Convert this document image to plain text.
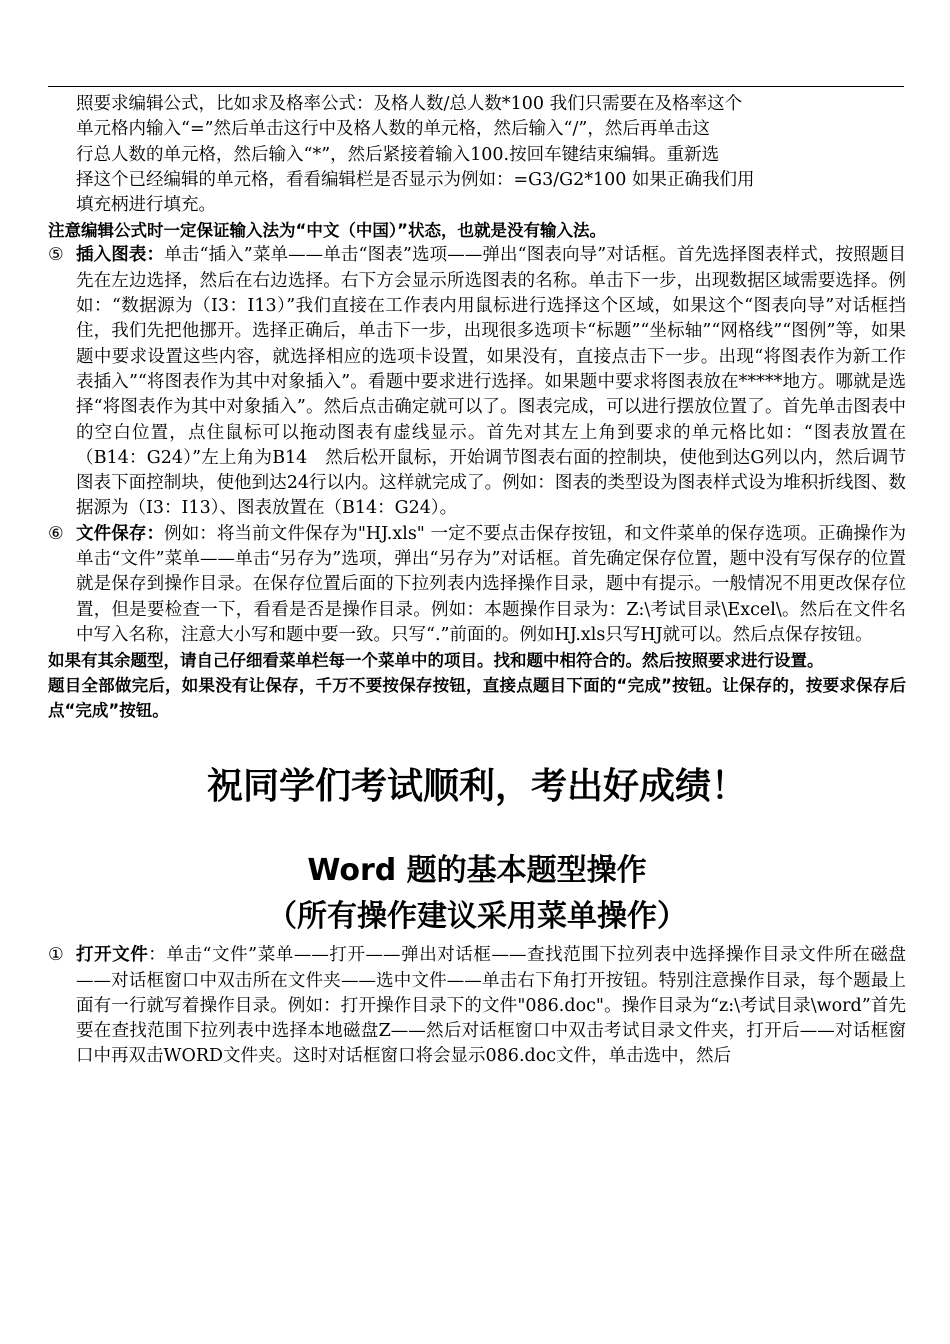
照要求编辑公式，比如求及格率公式：及格人数/总人数*100 我们只需要在及格率这个
单元格内输入“=”然后单击这行中及格人数的单元格，然后输入“/”，然后再单击这
行总人数的单元格，然后输入“*”，然后紧接着输入100.按回车键结束编辑。重新选
择这个已经编辑的单元格，看看编辑栏是否显示为例如：=G3/G2*100 如果正确我们用
填充柄进行填充。
注意编辑公式时一定保证输入法为“中文（中国）”状态，也就是没有输入法。
⑤ 插入图表：单击“插入”菜单——单击“图表”选项——弹出“图表向导”对话框。首先选择图表样式，按照题目先在左边选择，然后在右边选择。右下方会显示所选图表的名称。单击下一步，出现数据区域需要选择。例如：“数据源为（I3：I13）”我们直接在工作表内用鼠标进行选择这个区域，如果这个“图表向导”对话框挡住，我们先把他挪开。选择正确后，单击下一步，出现很多选项卡“标题”“坐标轴”“网格线”“图例”等，如果题中要求设置这些内容，就选择相应的选项卡设置，如果没有，直接点击下一步。出现“将图表作为新工作表插入”“将图表作为其中对象插入”。看题中要求进行选择。如果题中要求将图表放在*****地方。哪就是选择“将图表作为其中对象插入”。然后点击确定就可以了。图表完成，可以进行摆放位置了。首先单击图表中的空白位置，点住鼠标可以拖动图表有虚线显示。首先对其左上角到要求的单元格比如：“图表放置在（B14：G24）”左上角为B14　然后松开鼠标，开始调节图表右面的控制块，使他到达G列以内，然后调节图表下面控制块，使他到达24行以内。这样就完成了。例如：图表的类型设为图表样式设为堆积折线图、数据源为（I3：I13）、图表放置在（B14：G24）。
⑥ 文件保存：例如：将当前文件保存为"HJ.xls" 一定不要点击保存按钮，和文件菜单的保存选项。正确操作为单击“文件”菜单——单击“另存为”选项，弹出“另存为”对话框。首先确定保存位置，题中没有写保存的位置就是保存到操作目录。在保存位置后面的下拉列表内选择操作目录，题中有提示。一般情况不用更改保存位置，但是要检查一下，看看是否是操作目录。例如：本题操作目录为：Z:\考试目录\Excel\。然后在文件名中写入名称，注意大小写和题中要一致。只写“.”前面的。例如HJ.xls只写HJ就可以。然后点保存按钮。
如果有其余题型，请自己仔细看菜单栏每一个菜单中的项目。找和题中相符合的。然后按照要求进行设置。
题目全部做完后，如果没有让保存，千万不要按保存按钮，直接点题目下面的“完成”按钮。让保存的，按要求保存后点“完成”按钮。
祝同学们考试顺利，考出好成绩！
Word 题的基本题型操作
（所有操作建议采用菜单操作）
① 打开文件：单击“文件”菜单——打开——弹出对话框——查找范围下拉列表中选择操作目录文件所在磁盘——对话框窗口中双击所在文件夹——选中文件——单击右下角打开按钮。特别注意操作目录，每个题最上面有一行就写着操作目录。例如：打开操作目录下的文件"086.doc"。操作目录为“z:\考试目录\word”首先要在查找范围下拉列表中选择本地磁盘Z——然后对话框窗口中双击考试目录文件夹，打开后——对话框窗口中再双击WORD文件夹。这时对话框窗口将会显示086.doc文件，单击选中，然后
